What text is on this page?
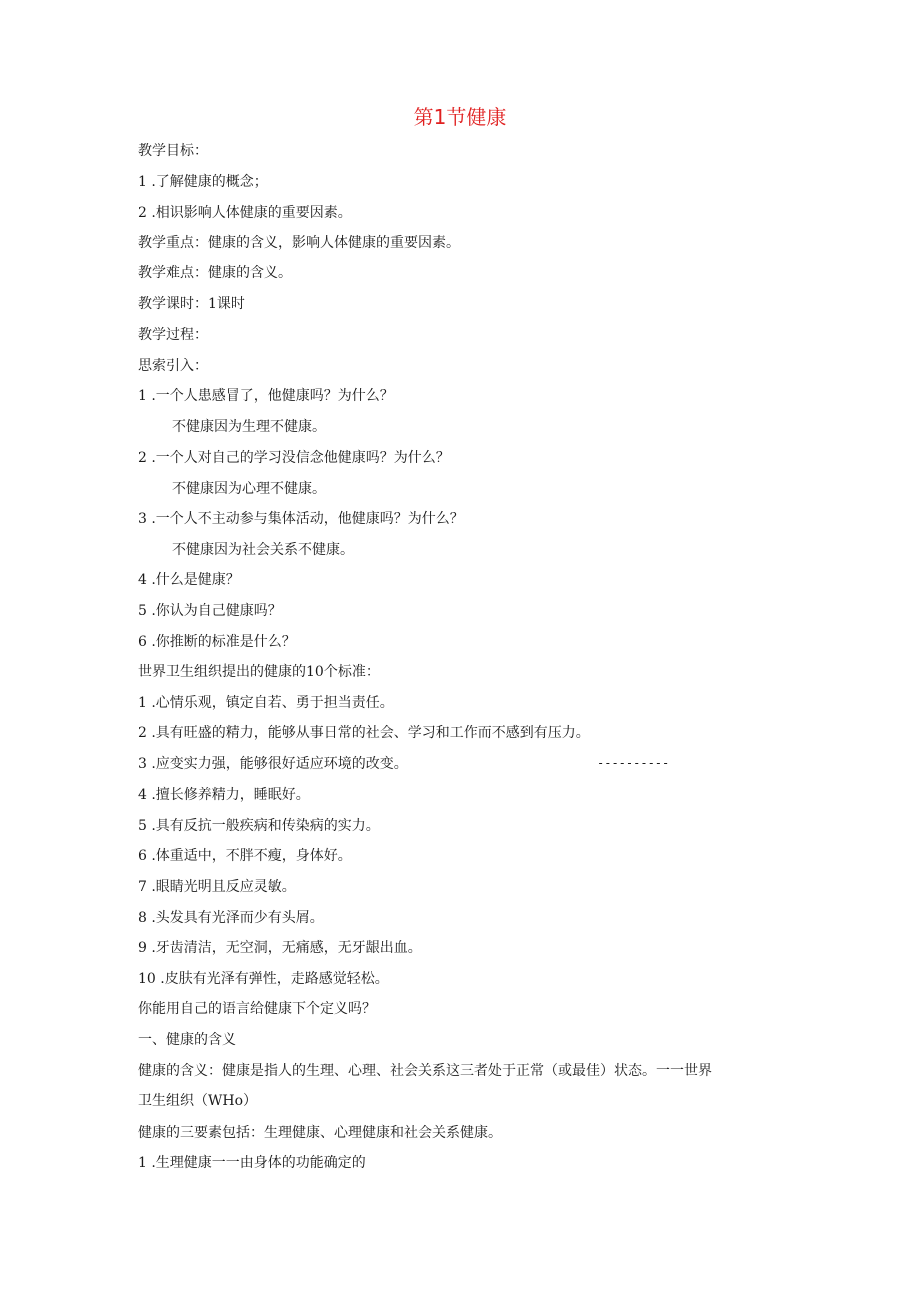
第1节健康
教学目标：
1 .了解健康的概念；
2 .相识影响人体健康的重要因素。
教学重点：健康的含义，影响人体健康的重要因素。
教学难点：健康的含义。
教学课时：1课时
教学过程：
思索引入：
1 .一个人患感冒了，他健康吗？为什么？
不健康因为生理不健康。
2 .一个人对自己的学习没信念他健康吗？为什么？
不健康因为心理不健康。
3 .一个人不主动参与集体活动，他健康吗？为什么？
不健康因为社会关系不健康。
4 .什么是健康？
5 .你认为自己健康吗？
6 .你推断的标准是什么？
世界卫生组织提出的健康的10个标准：
1 .心情乐观，镇定自若、勇于担当责任。
2 .具有旺盛的精力，能够从事日常的社会、学习和工作而不感到有压力。
3 .应变实力强，能够很好适应环境的改变。
4 .擅长修养精力，睡眠好。
5 .具有反抗一般疾病和传染病的实力。
6 .体重适中，不胖不瘦，身体好。
7 .眼睛光明且反应灵敏。
8 .头发具有光泽而少有头屑。
9 .牙齿清洁，无空洞，无痛感，无牙龈出血。
10 .皮肤有光泽有弹性，走路感觉轻松。
你能用自己的语言给健康下个定义吗？
一、健康的含义
健康的含义：健康是指人的生理、心理、社会关系这三者处于正常（或最佳）状态。一一世界
卫生组织（WHo）
健康的三要素包括：生理健康、心理健康和社会关系健康。
1 .生理健康一一由身体的功能确定的
----------
